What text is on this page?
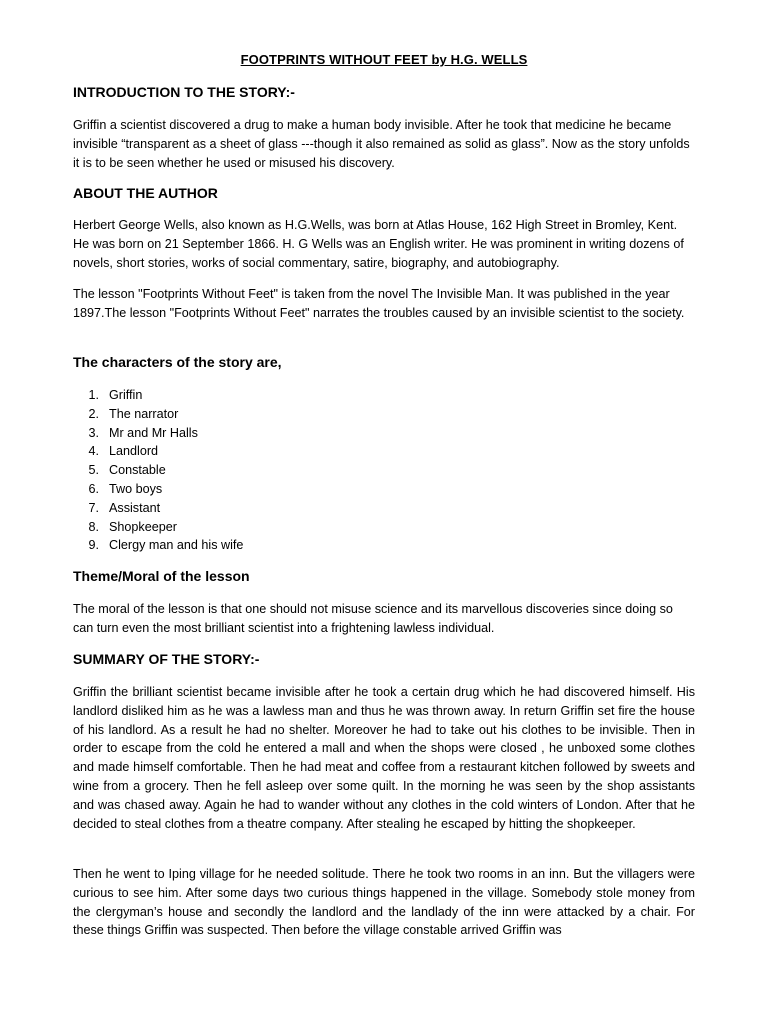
FOOTPRINTS WITHOUT FEET by H.G. WELLS
INTRODUCTION TO THE STORY:-

Griffin a scientist discovered a drug to make a human body invisible. After he took that medicine he became invisible “transparent as a sheet of glass ---though it also remained as solid as glass”. Now as the story unfolds it is to be seen whether he used or misused his discovery.

ABOUT THE AUTHOR

Herbert George Wells, also known as H.G.Wells, was born at Atlas House, 162 High Street in Bromley, Kent. He was born on 21 September 1866. H. G Wells was an English writer. He was prominent in writing dozens of novels, short stories, works of social commentary, satire, biography, and autobiography.

The lesson "Footprints Without Feet" is taken from the novel The Invisible Man. It was published in the year 1897.The lesson "Footprints Without Feet" narrates the troubles caused by an invisible scientist to the society.

The characters of the story are,
1. Griffin
2. The narrator
3. Mr and Mr Halls
4. Landlord
5. Constable
6. Two boys
7. Assistant
8. Shopkeeper
9. Clergy man and his wife
Theme/Moral of the lesson

The moral of the lesson is that one should not misuse science and its marvellous discoveries since doing so can turn even the most brilliant scientist into a frightening lawless individual.

SUMMARY OF THE STORY:-

Griffin the brilliant scientist became invisible after he took a certain drug which he had discovered himself. His landlord disliked him as he was a lawless man and thus he was thrown away. In return Griffin set fire the house of his landlord. As a result he had no shelter. Moreover he had to take out his clothes to be invisible. Then in order to escape from the cold he entered a mall and when the shops were closed , he unboxed some clothes and made himself comfortable. Then he had meat and coffee from a restaurant kitchen followed by sweets and wine from a grocery. Then he fell asleep over some quilt. In the morning he was seen by the shop assistants and was chased away. Again he had to wander without any clothes in the cold winters of London. After that he decided to steal clothes from a theatre company. After stealing he escaped by hitting the shopkeeper.

Then he went to Iping village for he needed solitude. There he took two rooms in an inn. But the villagers were curious to see him. After some days two curious things happened in the village. Somebody stole money from the clergyman’s house and secondly the landlord and the landlady of the inn were attacked by a chair. For these things Griffin was suspected. Then before the village constable arrived Griffin was
